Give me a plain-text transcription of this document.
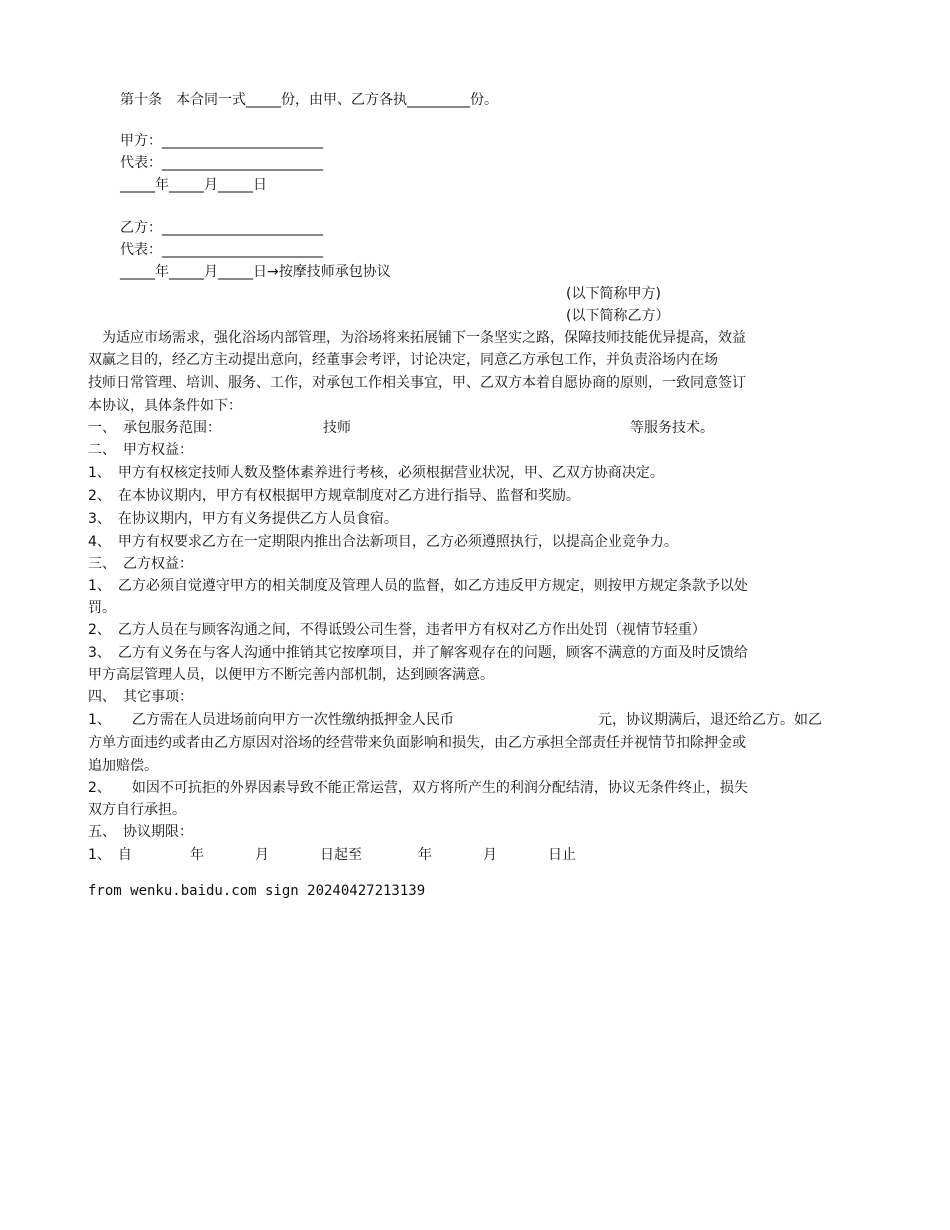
第十条　本合同一式_____份，由甲、乙方各执_________份。
甲方：_______________________
代表：_______________________
_____年_____月_____日
乙方：_______________________
代表：_______________________
_____年_____月_____日→按摩技师承包协议
(以下简称甲方)
(以下简称乙方）
　为适应市场需求，强化浴场内部管理，为浴场将来拓展铺下一条坚实之路，保障技师技能优异提高，效益
双赢之目的，经乙方主动提出意向，经董事会考评，讨论决定，同意乙方承包工作，并负责浴场内在场
技师日常管理、培训、服务、工作，对承包工作相关事宜，甲、乙双方本着自愿协商的原则，一致同意签订
本协议，具体条件如下：
一、　承包服务范围：	技师	等服务技术。
二、　甲方权益：
1、　甲方有权核定技师人数及整体素养进行考核，必须根据营业状况，甲、乙双方协商决定。
2、　在本协议期内，甲方有权根据甲方规章制度对乙方进行指导、监督和奖励。
3、　在协议期内，甲方有义务提供乙方人员食宿。
4、　甲方有权要求乙方在一定期限内推出合法新项目，乙方必须遵照执行，以提高企业竞争力。
三、　乙方权益：
1、　乙方必须自觉遵守甲方的相关制度及管理人员的监督，如乙方违反甲方规定，则按甲方规定条款予以处
罚。
2、　乙方人员在与顾客沟通之间，不得诋毁公司生誉，违者甲方有权对乙方作出处罚（视情节轻重）
3、　乙方有义务在与客人沟通中推销其它按摩项目，并了解客观存在的问题，顾客不满意的方面及时反馈给
甲方高层管理人员，以便甲方不断完善内部机制，达到顾客满意。
四、　其它事项：
1、　　乙方需在人员进场前向甲方一次性缴纳抵押金人民币	元，协议期满后，退还给乙方。如乙
方单方面违约或者由乙方原因对浴场的经营带来负面影响和损失，由乙方承担全部责任并视情节扣除押金或
追加赔偿。
2、　　如因不可抗拒的外界因素导致不能正常运营，双方将所产生的利润分配结清，协议无条件终止，损失
双方自行承担。
五、　协议期限：
1、　自	年	月	日起至	年	月	日止
from wenku.baidu.com sign 20240427213139
